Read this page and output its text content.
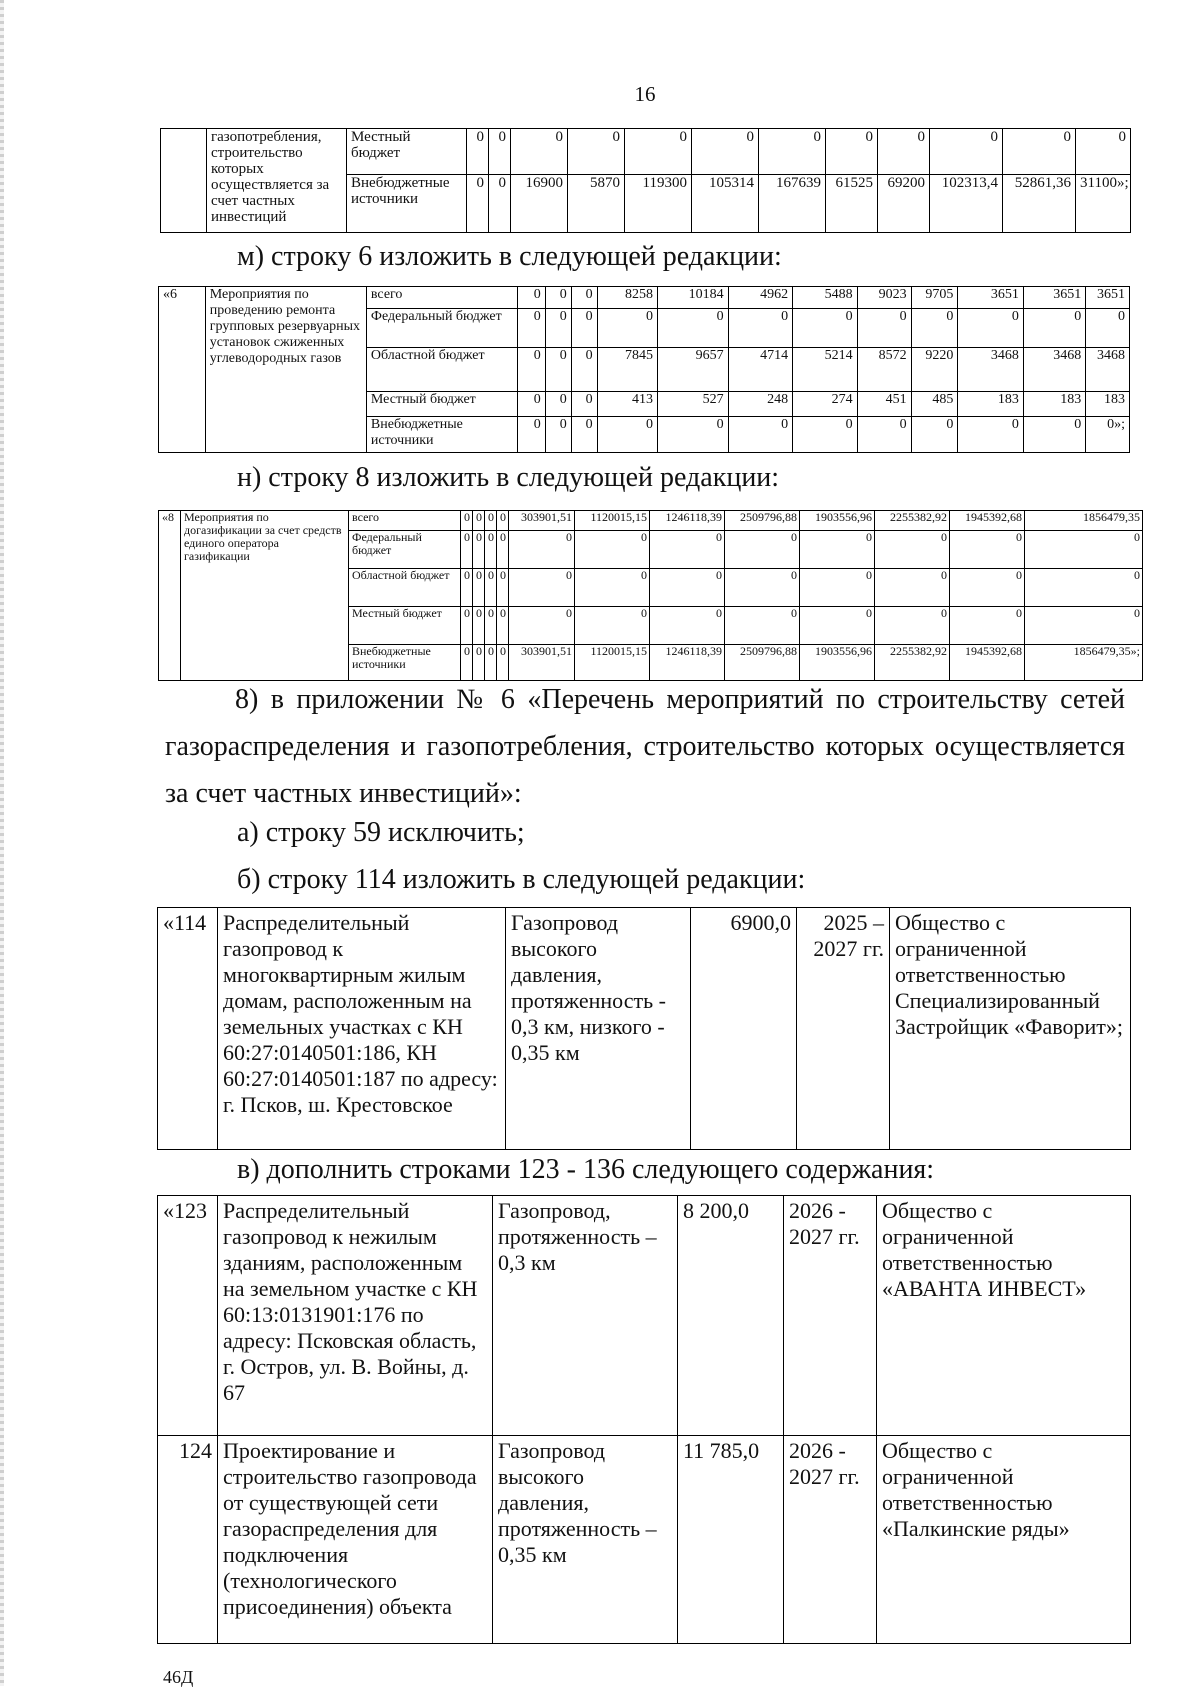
16
	газопотребления, строительство которых осуществляется за счет частных инвестиций	Местный бюджет	0	0	0	0	0	0	0	0	0	0	0	0
		Внебюджетные источники	0	0	16900	5870	119300	105314	167639	61525	69200	102313,4	52861,36	31100»;
м) строку 6 изложить в следующей редакции:
«6	Мероприятия по проведению ремонта групповых резервуарных установок сжиженных углеводородных газов	всего	0	0	0	8258	10184	4962	5488	9023	9705	3651	3651	3651
		Федеральный бюджет	0	0	0	0	0	0	0	0	0	0	0	0
		Областной бюджет	0	0	0	7845	9657	4714	5214	8572	9220	3468	3468	3468
		Местный бюджет	0	0	0	413	527	248	274	451	485	183	183	183
		Внебюджетные источники	0	0	0	0	0	0	0	0	0	0	0	0»;
н) строку 8 изложить в следующей редакции:
«8	Мероприятия по догазификации за счет средств единого оператора газификации	всего	0	0	0	0	303901,51	1120015,15	1246118,39	2509796,88	1903556,96	2255382,92	1945392,68	1856479,35
		Федеральный бюджет	0	0	0	0	0	0	0	0	0	0	0	0
		Областной бюджет	0	0	0	0	0	0	0	0	0	0	0	0
		Местный бюджет	0	0	0	0	0	0	0	0	0	0	0	0
		Внебюджетные источники	0	0	0	0	303901,51	1120015,15	1246118,39	2509796,88	1903556,96	2255382,92	1945392,68	1856479,35»;
8) в приложении № 6 «Перечень мероприятий по строительству сетей газораспределения и газопотребления, строительство которых осуществляется за счет частных инвестиций»:
а) строку 59 исключить;
б) строку 114 изложить в следующей редакции:
«114	Распределительный газопровод к многоквартирным жилым домам, расположенным на земельных участках с КН 60:27:0140501:186, КН 60:27:0140501:187 по адресу: г. Псков, ш. Крестовское	Газопровод высокого давления, протяженность - 0,3 км, низкого - 0,35 км	6900,0	2025 – 2027 гг.	Общество с ограниченной ответственностью Специализированный Застройщик «Фаворит»;
в) дополнить строками 123 - 136 следующего содержания:
«123	Распределительный газопровод к нежилым зданиям, расположенным на земельном участке с КН 60:13:0131901:176 по адресу: Псковская область, г. Остров, ул. В. Войны, д. 67	Газопровод, протяженность – 0,3 км	8 200,0	2026 - 2027 гг.	Общество с ограниченной ответственностью «АВАНТА ИНВЕСТ»
124	Проектирование и строительство газопровода от существующей сети газораспределения для подключения (технологического присоединения) объекта	Газопровод высокого давления, протяженность – 0,35 км	11 785,0	2026 - 2027 гг.	Общество с ограниченной ответственностью «Палкинские ряды»
46Д
